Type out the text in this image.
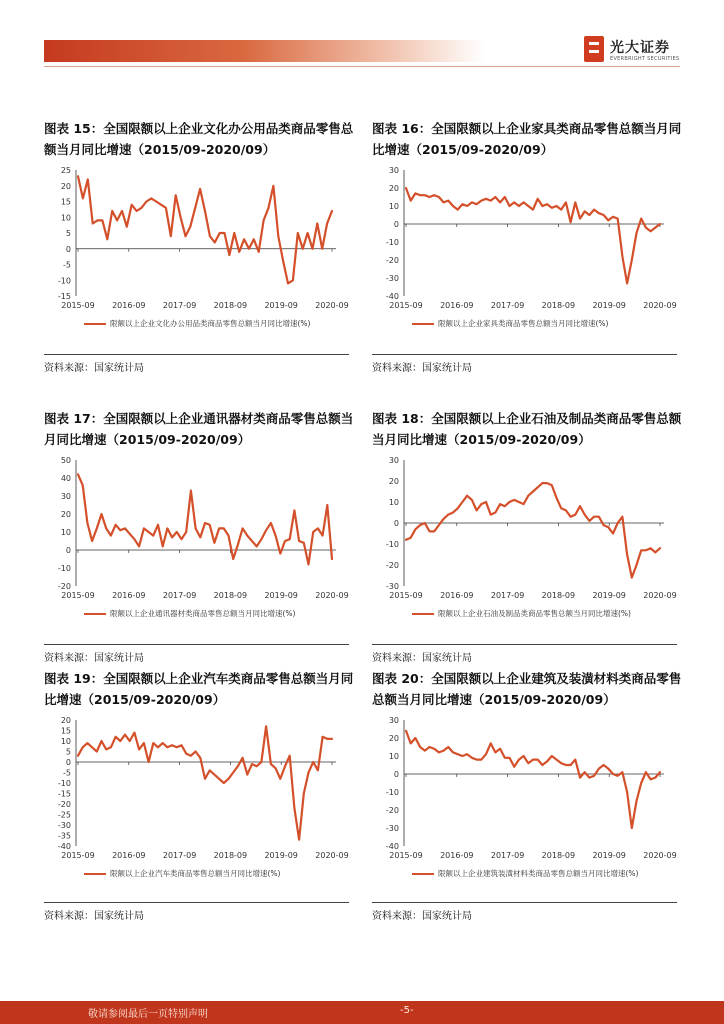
光大证券
EVERBRIGHT SECURITIES
图表 15：全国限额以上企业文化办公用品类商品零售总额当月同比增速（2015/09-2020/09）
25
20
15
10
5
0
-5
-10
-15
2015-09 2016-09 2017-09 2018-09 2019-09 2020-09
限额以上企业文化办公用品类商品零售总额当月同比增速(%)
资料来源：国家统计局
图表 16：全国限额以上企业家具类商品零售总额当月同比增速（2015/09-2020/09）
30
20
10
0
-10
-20
-30
-40
2015-09 2016-09 2017-09 2018-09 2019-09 2020-09
限额以上企业家具类商品零售总额当月同比增速(%)
资料来源：国家统计局
图表 17：全国限额以上企业通讯器材类商品零售总额当月同比增速（2015/09-2020/09）
50
40
30
20
10
0
-10
-20
2015-09 2016-09 2017-09 2018-09 2019-09 2020-09
限额以上企业通讯器材类商品零售总额当月同比增速(%)
资料来源：国家统计局
图表 18：全国限额以上企业石油及制品类商品零售总额当月同比增速（2015/09-2020/09）
30
20
10
0
-10
-20
-30
2015-09 2016-09 2017-09 2018-09 2019-09 2020-09
限额以上企业石油及制品类商品零售总额当月同比增速(%)
资料来源：国家统计局
图表 19：全国限额以上企业汽车类商品零售总额当月同比增速（2015/09-2020/09）
20
15
10
5
0
-5
-10
-15
-20
-25
-30
-35
-40
2015-09 2016-09 2017-09 2018-09 2019-09 2020-09
限额以上企业汽车类商品零售总额当月同比增速(%)
资料来源：国家统计局
图表 20：全国限额以上企业建筑及装潢材料类商品零售总额当月同比增速（2015/09-2020/09）
30
20
10
0
-10
-20
-30
-40
2015-09 2016-09 2017-09 2018-09 2019-09 2020-09
限额以上企业建筑装潢材料类商品零售总额当月同比增速(%)
资料来源：国家统计局
敬请参阅最后一页特别声明	-5-
